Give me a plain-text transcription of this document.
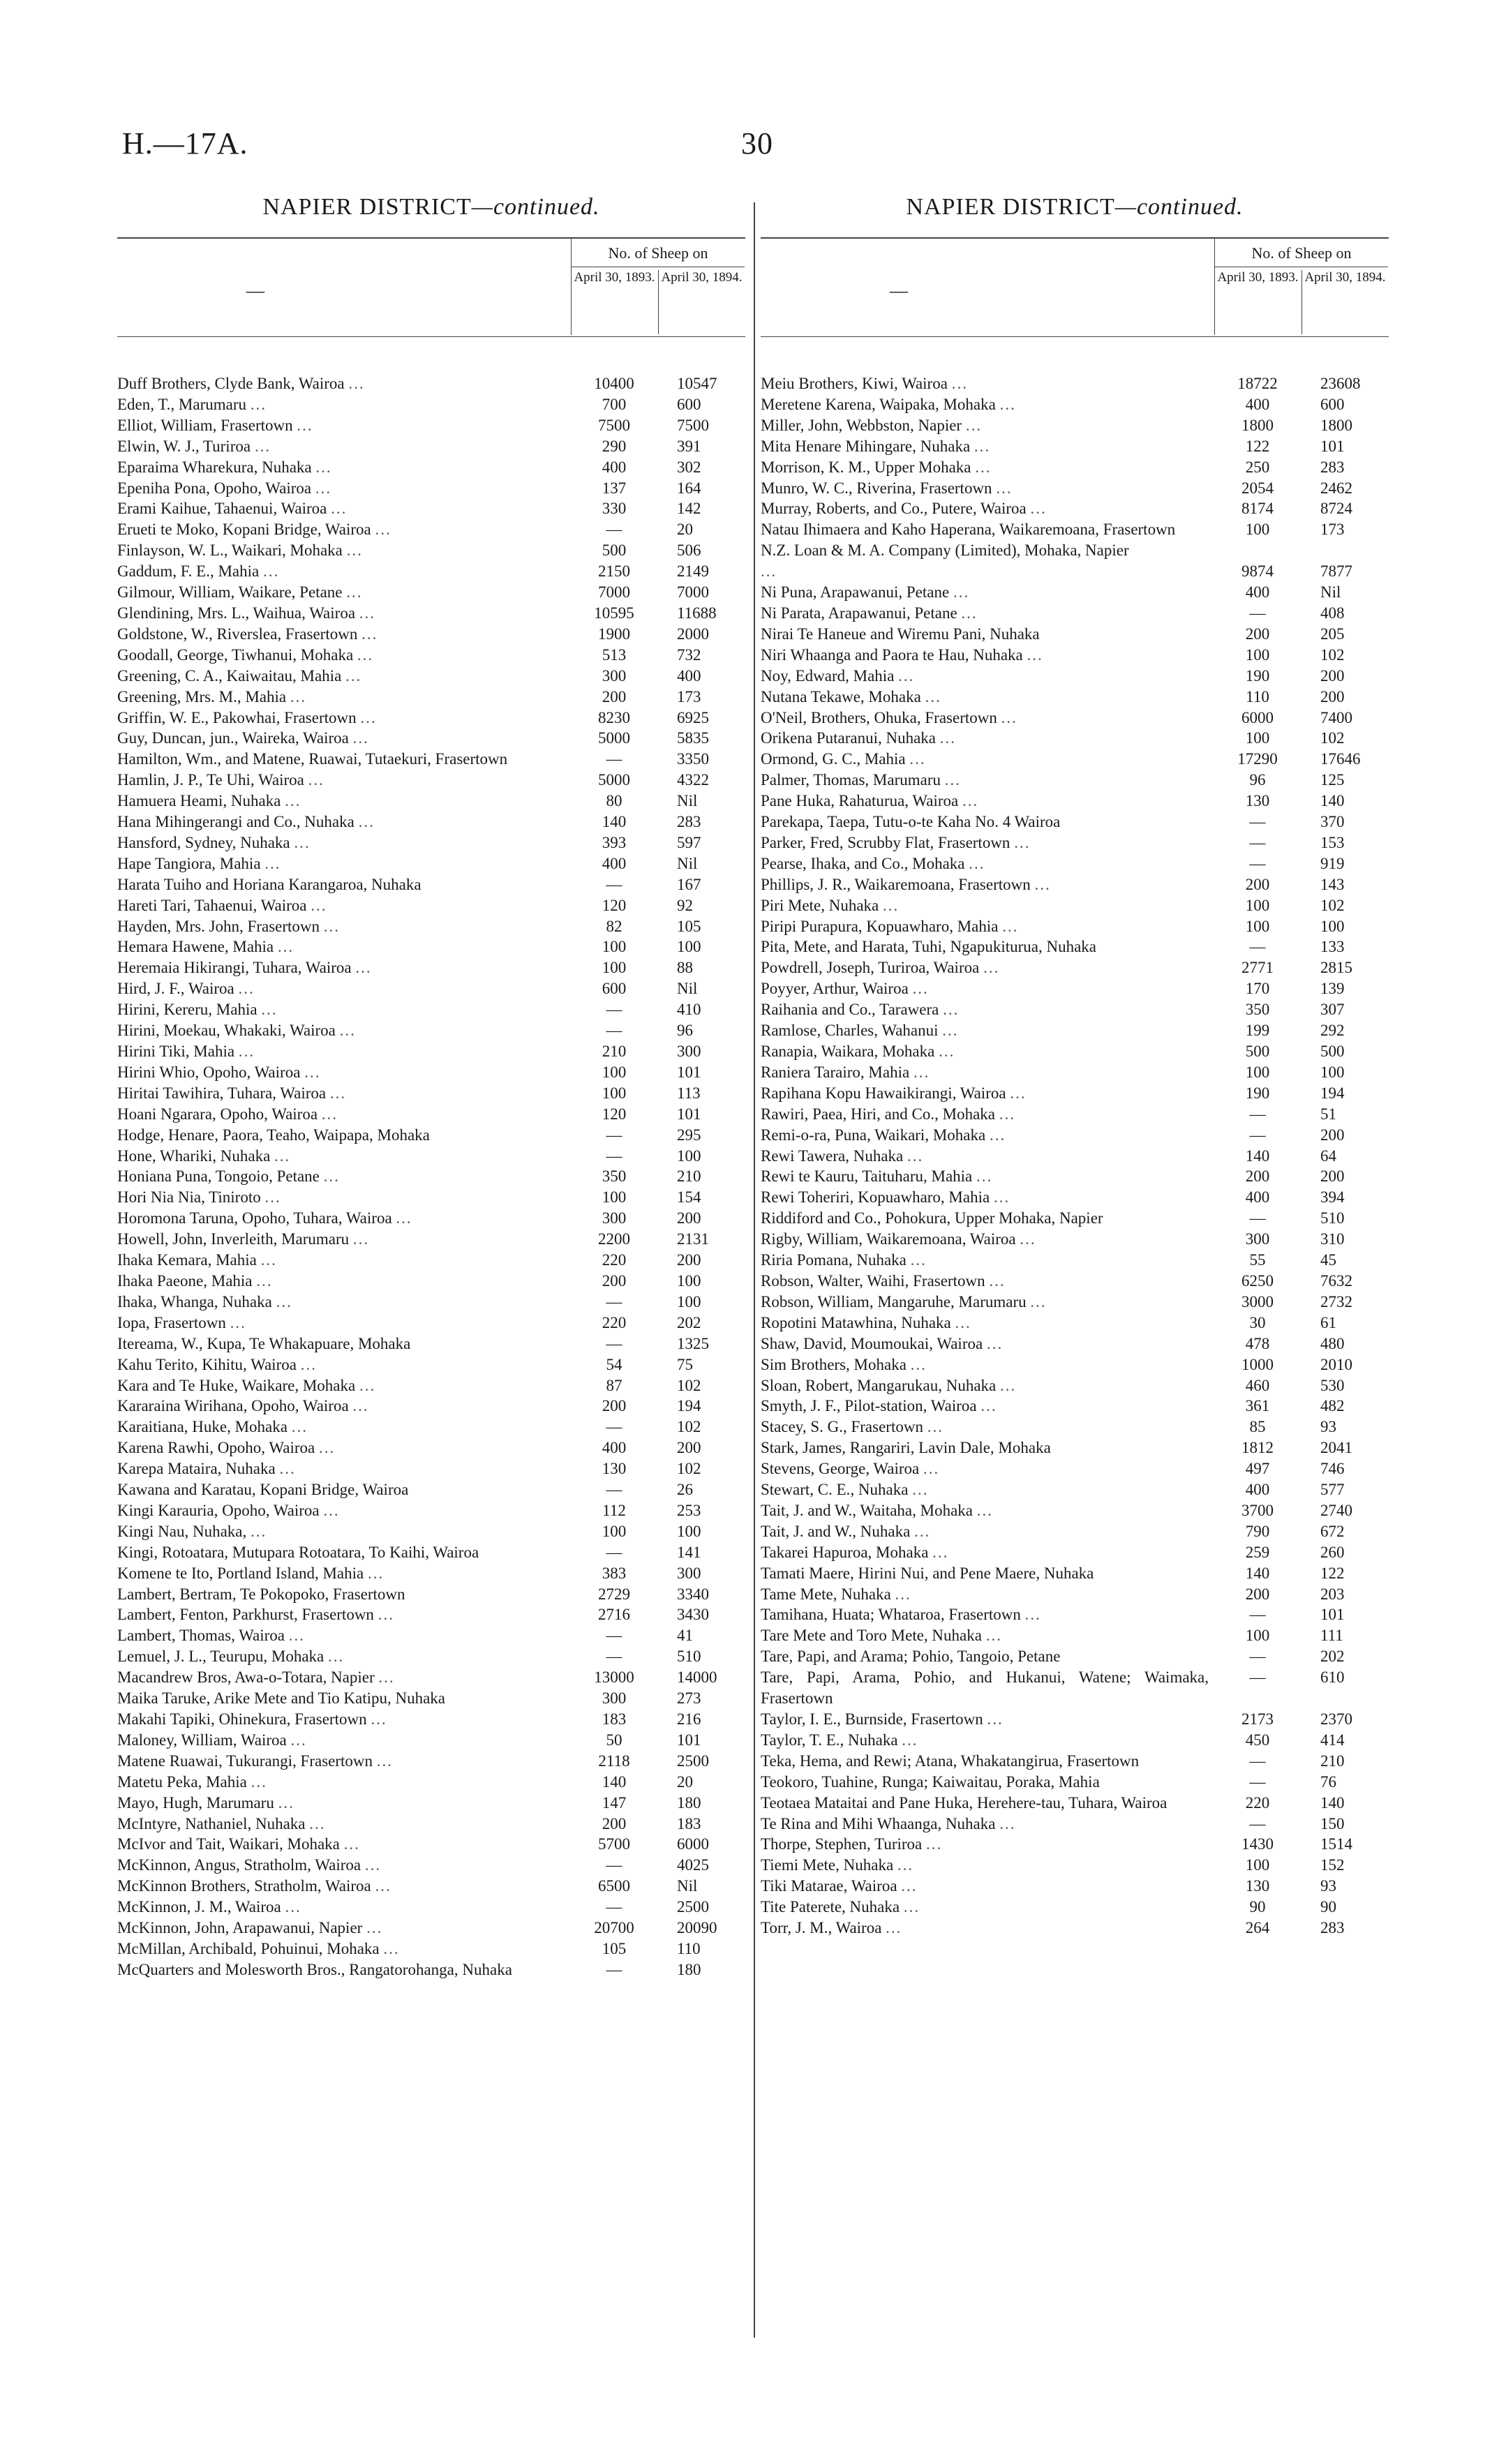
H.—17A.	30
NAPIER DISTRICT—continued.
—
No. of Sheep on
April 30, 1893. April 30, 1894.
Duff Brothers, Clyde Bank, Wairoa ...	10400	10547
Eden, T., Marumaru ...	700	600
Elliot, William, Frasertown ...	7500	7500
Elwin, W. J., Turiroa ...	290	391
Eparaima Wharekura, Nuhaka ...	400	302
Epeniha Pona, Opoho, Wairoa ...	137	164
Erami Kaihue, Tahaenui, Wairoa ...	330	142
Erueti te Moko, Kopani Bridge, Wairoa ...	—	20
Finlayson, W. L., Waikari, Mohaka ...	500	506
Gaddum, F. E., Mahia ...	2150	2149
Gilmour, William, Waikare, Petane ...	7000	7000
Glendining, Mrs. L., Waihua, Wairoa ...	10595	11688
Goldstone, W., Riverslea, Frasertown ...	1900	2000
Goodall, George, Tiwhanui, Mohaka ...	513	732
Greening, C. A., Kaiwaitau, Mahia ...	300	400
Greening, Mrs. M., Mahia ...	200	173
Griffin, W. E., Pakowhai, Frasertown ...	8230	6925
Guy, Duncan, jun., Waireka, Wairoa ...	5000	5835
Hamilton, Wm., and Matene, Ruawai, Tutaekuri, Frasertown	—	3350
Hamlin, J. P., Te Uhi, Wairoa ...	5000	4322
Hamuera Heami, Nuhaka ...	80	Nil
Hana Mihingerangi and Co., Nuhaka ...	140	283
Hansford, Sydney, Nuhaka ...	393	597
Hape Tangiora, Mahia ...	400	Nil
Harata Tuiho and Horiana Karangaroa, Nuhaka	—	167
Hareti Tari, Tahaenui, Wairoa ...	120	92
Hayden, Mrs. John, Frasertown ...	82	105
Hemara Hawene, Mahia ...	100	100
Heremaia Hikirangi, Tuhara, Wairoa ...	100	88
Hird, J. F., Wairoa ...	600	Nil
Hirini, Kereru, Mahia ...	—	410
Hirini, Moekau, Whakaki, Wairoa ...	—	96
Hirini Tiki, Mahia ...	210	300
Hirini Whio, Opoho, Wairoa ...	100	101
Hiritai Tawihira, Tuhara, Wairoa ...	100	113
Hoani Ngarara, Opoho, Wairoa ...	120	101
Hodge, Henare, Paora, Teaho, Waipapa, Mohaka	—	295
Hone, Whariki, Nuhaka ...	—	100
Honiana Puna, Tongoio, Petane ...	350	210
Hori Nia Nia, Tiniroto ...	100	154
Horomona Taruna, Opoho, Tuhara, Wairoa ...	300	200
Howell, John, Inverleith, Marumaru ...	2200	2131
Ihaka Kemara, Mahia ...	220	200
Ihaka Paeone, Mahia ...	200	100
Ihaka, Whanga, Nuhaka ...	—	100
Iopa, Frasertown ...	220	202
Itereama, W., Kupa, Te Whakapuare, Mohaka	—	1325
Kahu Terito, Kihitu, Wairoa ...	54	75
Kara and Te Huke, Waikare, Mohaka ...	87	102
Kararaina Wirihana, Opoho, Wairoa ...	200	194
Karaitiana, Huke, Mohaka ...	—	102
Karena Rawhi, Opoho, Wairoa ...	400	200
Karepa Mataira, Nuhaka ...	130	102
Kawana and Karatau, Kopani Bridge, Wairoa	—	26
Kingi Karauria, Opoho, Wairoa ...	112	253
Kingi Nau, Nuhaka, ...	100	100
Kingi, Rotoatara, Mutupara Rotoatara, To Kaihi, Wairoa	—	141
Komene te Ito, Portland Island, Mahia ...	383	300
Lambert, Bertram, Te Pokopoko, Frasertown	2729	3340
Lambert, Fenton, Parkhurst, Frasertown ...	2716	3430
Lambert, Thomas, Wairoa ...	—	41
Lemuel, J. L., Teurupu, Mohaka ...	—	510
Macandrew Bros, Awa-o-Totara, Napier ...	13000	14000
Maika Taruke, Arike Mete and Tio Katipu, Nuhaka	300	273
Makahi Tapiki, Ohinekura, Frasertown ...	183	216
Maloney, William, Wairoa ...	50	101
Matene Ruawai, Tukurangi, Frasertown ...	2118	2500
Matetu Peka, Mahia ...	140	20
Mayo, Hugh, Marumaru ...	147	180
McIntyre, Nathaniel, Nuhaka ...	200	183
McIvor and Tait, Waikari, Mohaka ...	5700	6000
McKinnon, Angus, Stratholm, Wairoa ...	—	4025
McKinnon Brothers, Stratholm, Wairoa ...	6500	Nil
McKinnon, J. M., Wairoa ...	—	2500
McKinnon, John, Arapawanui, Napier ...	20700	20090
McMillan, Archibald, Pohuinui, Mohaka ...	105	110
McQuarters and Molesworth Bros., Rangatorohanga, Nuhaka	—	180
NAPIER DISTRICT—continued.
—
No. of Sheep on
April 30, 1893. April 30, 1894.
Meiu Brothers, Kiwi, Wairoa ...	18722	23608
Meretene Karena, Waipaka, Mohaka ...	400	600
Miller, John, Webbston, Napier ...	1800	1800
Mita Henare Mihingare, Nuhaka ...	122	101
Morrison, K. M., Upper Mohaka ...	250	283
Munro, W. C., Riverina, Frasertown ...	2054	2462
Murray, Roberts, and Co., Putere, Wairoa ...	8174	8724
Natau Ihimaera and Kaho Haperana, Waikaremoana, Frasertown	100	173
N.Z. Loan & M. A. Company (Limited), Mohaka, Napier
...	9874	7877
Ni Puna, Arapawanui, Petane ...	400	Nil
Ni Parata, Arapawanui, Petane ...	—	408
Nirai Te Haneue and Wiremu Pani, Nuhaka	200	205
Niri Whaanga and Paora te Hau, Nuhaka ...	100	102
Noy, Edward, Mahia ...	190	200
Nutana Tekawe, Mohaka ...	110	200
O'Neil, Brothers, Ohuka, Frasertown ...	6000	7400
Orikena Putaranui, Nuhaka ...	100	102
Ormond, G. C., Mahia ...	17290	17646
Palmer, Thomas, Marumaru ...	96	125
Pane Huka, Rahaturua, Wairoa ...	130	140
Parekapa, Taepa, Tutu-o-te Kaha No. 4 Wairoa	—	370
Parker, Fred, Scrubby Flat, Frasertown ...	—	153
Pearse, Ihaka, and Co., Mohaka ...	—	919
Phillips, J. R., Waikaremoana, Frasertown ...	200	143
Piri Mete, Nuhaka ...	100	102
Piripi Purapura, Kopuawharo, Mahia ...	100	100
Pita, Mete, and Harata, Tuhi, Ngapukiturua, Nuhaka	—	133
Powdrell, Joseph, Turiroa, Wairoa ...	2771	2815
Poyyer, Arthur, Wairoa ...	170	139
Raihania and Co., Tarawera ...	350	307
Ramlose, Charles, Wahanui ...	199	292
Ranapia, Waikara, Mohaka ...	500	500
Raniera Tarairo, Mahia ...	100	100
Rapihana Kopu Hawaikirangi, Wairoa ...	190	194
Rawiri, Paea, Hiri, and Co., Mohaka ...	—	51
Remi-o-ra, Puna, Waikari, Mohaka ...	—	200
Rewi Tawera, Nuhaka ...	140	64
Rewi te Kauru, Taituharu, Mahia ...	200	200
Rewi Toheriri, Kopuawharo, Mahia ...	400	394
Riddiford and Co., Pohokura, Upper Mohaka, Napier	—	510
Rigby, William, Waikaremoana, Wairoa ...	300	310
Riria Pomana, Nuhaka ...	55	45
Robson, Walter, Waihi, Frasertown ...	6250	7632
Robson, William, Mangaruhe, Marumaru ...	3000	2732
Ropotini Matawhina, Nuhaka ...	30	61
Shaw, David, Moumoukai, Wairoa ...	478	480
Sim Brothers, Mohaka ...	1000	2010
Sloan, Robert, Mangarukau, Nuhaka ...	460	530
Smyth, J. F., Pilot-station, Wairoa ...	361	482
Stacey, S. G., Frasertown ...	85	93
Stark, James, Rangariri, Lavin Dale, Mohaka	1812	2041
Stevens, George, Wairoa ...	497	746
Stewart, C. E., Nuhaka ...	400	577
Tait, J. and W., Waitaha, Mohaka ...	3700	2740
Tait, J. and W., Nuhaka ...	790	672
Takarei Hapuroa, Mohaka ...	259	260
Tamati Maere, Hirini Nui, and Pene Maere, Nuhaka	140	122
Tame Mete, Nuhaka ...	200	203
Tamihana, Huata; Whataroa, Frasertown ...	—	101
Tare Mete and Toro Mete, Nuhaka ...	100	111
Tare, Papi, and Arama; Pohio, Tangoio, Petane	—	202
Tare, Papi, Arama, Pohio, and Hukanui, Watene; Waimaka, Frasertown
—	610
Taylor, I. E., Burnside, Frasertown ...	2173	2370
Taylor, T. E., Nuhaka ...	450	414
Teka, Hema, and Rewi; Atana, Whakatangirua, Frasertown	—	210
Teokoro, Tuahine, Runga; Kaiwaitau, Poraka, Mahia	—	76
Teotaea Mataitai and Pane Huka, Herehere-tau, Tuhara, Wairoa	220	140
Te Rina and Mihi Whaanga, Nuhaka ...	—	150
Thorpe, Stephen, Turiroa ...	1430	1514
Tiemi Mete, Nuhaka ...	100	152
Tiki Matarae, Wairoa ...	130	93
Tite Paterete, Nuhaka ...	90	90
Torr, J. M., Wairoa ...	264	283
